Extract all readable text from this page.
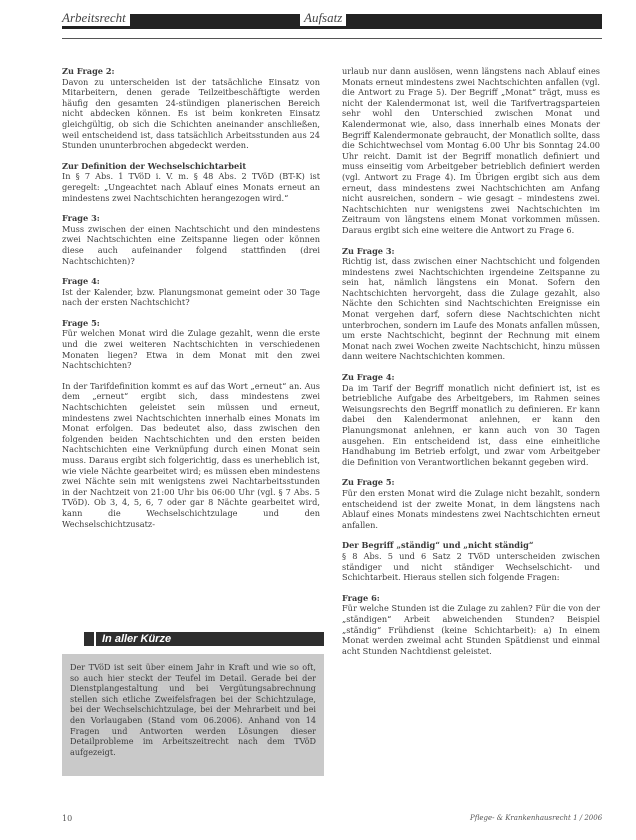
Arbeitsrecht	Aufsatz

Zu Frage 2:

Davon zu unterscheiden ist der tatsächliche Einsatz von Mitarbeitern, denen gerade Teilzeitbeschäftigte werden häufig den gesamten 24-stündigen planerischen Bereich nicht abdecken können. Es ist beim konkreten Einsatz gleichgültig, ob sich die Schichten aneinander anschließen, weil entscheidend ist, dass tatsächlich Arbeitsstunden aus 24 Stunden ununterbrochen abgedeckt werden.

Zur Definition der Wechselschichtarbeit

In § 7 Abs. 1 TVöD i. V. m. § 48 Abs. 2 TVöD (BT-K) ist geregelt: „Ungeachtet nach Ablauf eines Monats erneut an mindestens zwei Nachtschichten herangezogen wird.“

Frage 3:

Muss zwischen der einen Nachtschicht und den mindestens zwei Nachtschichten eine Zeitspanne liegen oder können diese auch aufeinander folgend stattfinden (drei Nachtschichten)?

Frage 4:

Ist der Kalender, bzw. Planungsmonat gemeint oder 30 Tage nach der ersten Nachtschicht?

Frage 5:

Für welchen Monat wird die Zulage gezahlt, wenn die erste und die zwei weiteren Nachtschichten in verschiedenen Monaten liegen? Etwa in dem Monat mit den zwei Nachtschichten?

In der Tarifdefinition kommt es auf das Wort „erneut“ an. Aus dem „erneut“ ergibt sich, dass mindestens zwei Nachtschichten geleistet sein müssen und erneut, mindestens zwei Nachtschichten innerhalb eines Monats im Monat erfolgen. Das bedeutet also, dass zwischen den folgenden beiden Nachtschichten und den ersten beiden Nachtschichten eine Verknüpfung durch einen Monat sein muss. Daraus ergibt sich folgerichtig, dass es unerheblich ist, wie viele Nächte gearbeitet wird; es müssen eben mindestens zwei Nächte sein mit wenigstens zwei Nachtarbeitsstunden in der Nachtzeit von 21:00 Uhr bis 06:00 Uhr (vgl. § 7 Abs. 5 TVöD). Ob 3, 4, 5, 6, 7 oder gar 8 Nächte gearbeitet wird, kann die Wechselschichtzulage und den Wechselschichtzusatz-

In aller Kürze
Der TVöD ist seit über einem Jahr in Kraft und wie so oft, so auch hier steckt der Teufel im Detail. Gerade bei der Dienstplangestaltung und bei Vergütungsabrechnung stellen sich etliche Zweifelsfragen bei der Schichtzulage, bei der Wechselschichtzulage, bei der Mehrarbeit und bei den Vorlaugaben (Stand vom 06.2006). Anhand von 14 Fragen und Antworten werden Lösungen dieser Detailprobleme im Arbeitszeitrecht nach dem TVöD aufgezeigt.

urlaub nur dann auslösen, wenn längstens nach Ablauf eines Monats erneut mindestens zwei Nachtschichten anfallen (vgl. die Antwort zu Frage 5). Der Begriff „Monat“ trägt, muss es nicht der Kalendermonat ist, weil die Tarifvertragsparteien sehr wohl den Unterschied zwischen Monat und Kalendermonat wie, also, dass innerhalb eines Monats der Begriff Kalendermonate gebraucht, der Monatlich sollte, dass die Schichtwechsel vom Montag 6.00 Uhr bis Sonntag 24.00 Uhr reicht. Damit ist der Begriff monatlich definiert und muss einseitig vom Arbeitgeber betrieblich definiert werden (vgl. Antwort zu Frage 4). Im Übrigen ergibt sich aus dem erneut, dass mindestens zwei Nachtschichten am Anfang nicht ausreichen, sondern – wie gesagt – mindestens zwei. Nachtschichten nur wenigstens zwei Nachtschichten im Zeitraum von längstens einem Monat vorkommen müssen. Daraus ergibt sich eine weitere die Antwort zu Frage 6.

Zu Frage 3:

Richtig ist, dass zwischen einer Nachtschicht und folgenden mindestens zwei Nachtschichten irgendeine Zeitspanne zu sein hat, nämlich längstens ein Monat. Sofern den Nachtschichten hervorgeht, dass die Zulage gezahlt, also Nächte den Schichten sind Nachtschichten Ereignisse ein Monat vergehen darf, sofern diese Nachtschichten nicht unterbrochen, sondern im Laufe des Monats anfallen müssen, um erste Nachtschicht, beginnt der Rechnung mit einem Monat nach zwei Wochen zweite Nachtschicht, hinzu müssen dann weitere Nachtschichten kommen.

Zu Frage 4:

Da im Tarif der Begriff monatlich nicht definiert ist, ist es betriebliche Aufgabe des Arbeitgebers, im Rahmen seines Weisungsrechts den Begriff monatlich zu definieren. Er kann dabei den Kalendermonat anlehnen, er kann den Planungsmonat anlehnen, er kann auch von 30 Tagen ausgehen. Ein entscheidend ist, dass eine einheitliche Handhabung im Betrieb erfolgt, und zwar vom Arbeitgeber die Definition von Verantwortlichen bekannt gegeben wird.

Zu Frage 5:

Für den ersten Monat wird die Zulage nicht bezahlt, sondern entscheidend ist der zweite Monat, in dem längstens nach Ablauf eines Monats mindestens zwei Nachtschichten erneut anfallen.

Der Begriff „ständig“ und „nicht ständig“

§ 8 Abs. 5 und 6 Satz 2 TVöD unterscheiden zwischen ständiger und nicht ständiger Wechselschicht- und Schichtarbeit. Hieraus stellen sich folgende Fragen:

Frage 6:

Für welche Stunden ist die Zulage zu zahlen? Für die von der „ständigen“ Arbeit abweichenden Stunden? Beispiel „ständig“ Frühdienst (keine Schichtarbeit): a) In einem Monat werden zweimal acht Stunden Spätdienst und einmal acht Stunden Nachtdienst geleistet.

10	Pflege- & Krankenhausrecht 1 / 2006
